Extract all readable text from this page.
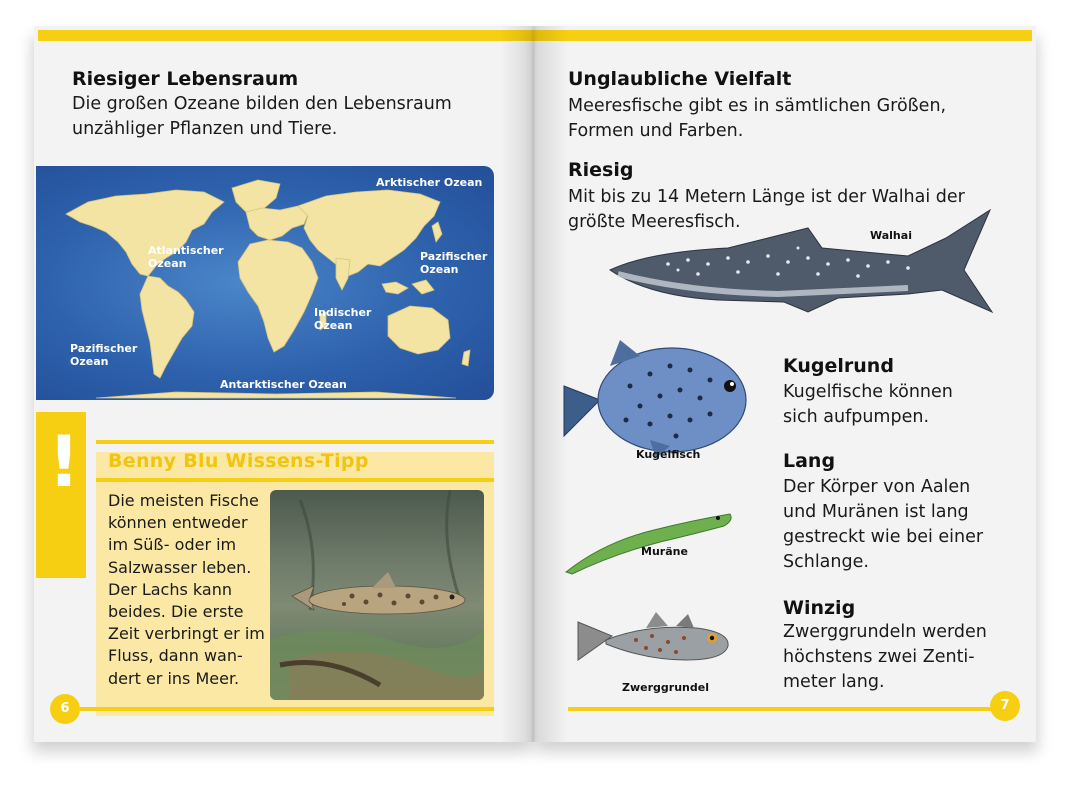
Riesiger Lebensraum
Die großen Ozeane bilden den Lebensraum
unzähliger Pflanzen und Tiere.
Arktischer Ozean
Atlantischer
Ozean
Pazifischer
Ozean
Indischer
Ozean
Pazifischer
Ozean
Antarktischer Ozean
! Benny Blu Wissens-Tipp
Die meisten Fische
können entweder
im Süß- oder im
Salzwasser leben.
Der Lachs kann
beides. Die erste
Zeit verbringt er im
Fluss, dann wan-
dert er ins Meer.
6
Unglaubliche Vielfalt
Meeresfische gibt es in sämtlichen Größen,
Formen und Farben.
Riesig
Mit bis zu 14 Metern Länge ist der Walhai der
größte Meeresfisch.
Walhai
Kugelfisch
Kugelrund
Kugelfische können
sich aufpumpen.
Muräne
Lang
Der Körper von Aalen
und Muränen ist lang
gestreckt wie bei einer
Schlange.
Zwerggrundel
Winzig
Zwerggrundeln werden
höchstens zwei Zenti-
meter lang.
7
